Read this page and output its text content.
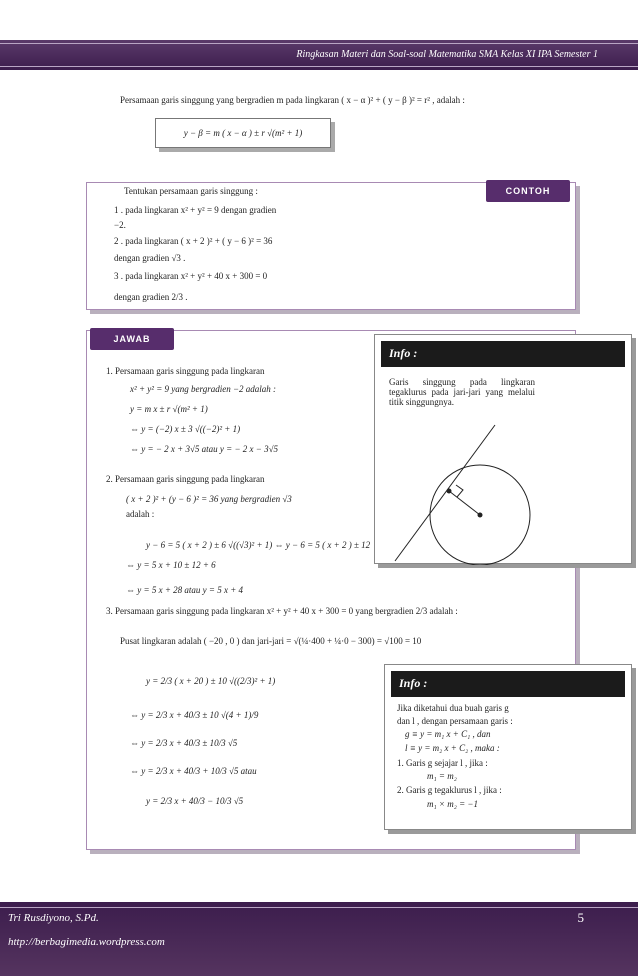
Ringkasan Materi dan Soal-soal Matematika SMA Kelas XI IPA Semester 1
Persamaan garis singgung yang bergradien m pada lingkaran ( x − α )² + ( y − β )² = r² , adalah :
y − β = m ( x − α ) ± r √(m² + 1)
CONTOH
Tentukan persamaan garis singgung :
1 . pada lingkaran x² + y² = 9 dengan gradien
−2.
2 . pada lingkaran ( x + 2 )² + ( y − 6 )² = 36
dengan gradien √3 .
3 . pada lingkaran x² + y² + 40 x + 300 = 0
dengan gradien 2/3 .
JAWAB
1. Persamaan garis singgung pada lingkaran
x² + y² = 9 yang bergradien −2 adalah :
y = m x ± r √(m² + 1)
⇔ y = (−2) x ± 3 √((−2)² + 1)
⇔ y = − 2 x + 3√5 atau y = − 2 x − 3√5
2. Persamaan garis singgung pada lingkaran
( x + 2 )² + (y − 6 )² = 36 yang bergradien √3
adalah :
y − 6 = 5 ( x + 2 ) ± 6 √((√3)² + 1) ⇔ y − 6 = 5 ( x + 2 ) ± 12
⇔ y = 5 x + 10 ± 12 + 6
⇔ y = 5 x + 28 atau y = 5 x + 4
3. Persamaan garis singgung pada lingkaran x² + y² + 40 x + 300 = 0 yang bergradien 2/3 adalah :
Pusat lingkaran adalah ( −20 , 0 ) dan jari-jari = √(¼·400 + ¼·0 − 300) = √100 = 10
y = 2/3 ( x + 20 ) ± 10 √((2/3)² + 1)
⇔ y = 2/3 x + 40/3 ± 10 √(4 + 1)/9
⇔ y = 2/3 x + 40/3 ± 10/3 √5
⇔ y = 2/3 x + 40/3 + 10/3 √5 atau
y = 2/3 x + 40/3 − 10/3 √5
Info :
Garis singgung pada lingkaran tegaklurus pada jari-jari yang melalui titik singgungnya.
Info :
Jika diketahui dua buah garis g
dan l , dengan persamaan garis :
g ≡ y = m₁ x + C₁ , dan
l ≡ y = m₂ x + C₂ , maka :
1. Garis g sejajar l , jika :
m₁ = m₂
2. Garis g tegaklurus l , jika :
m₁ × m₂ = −1
Tri Rusdiyono, S.Pd.
http://berbagimedia.wordpress.com
5
